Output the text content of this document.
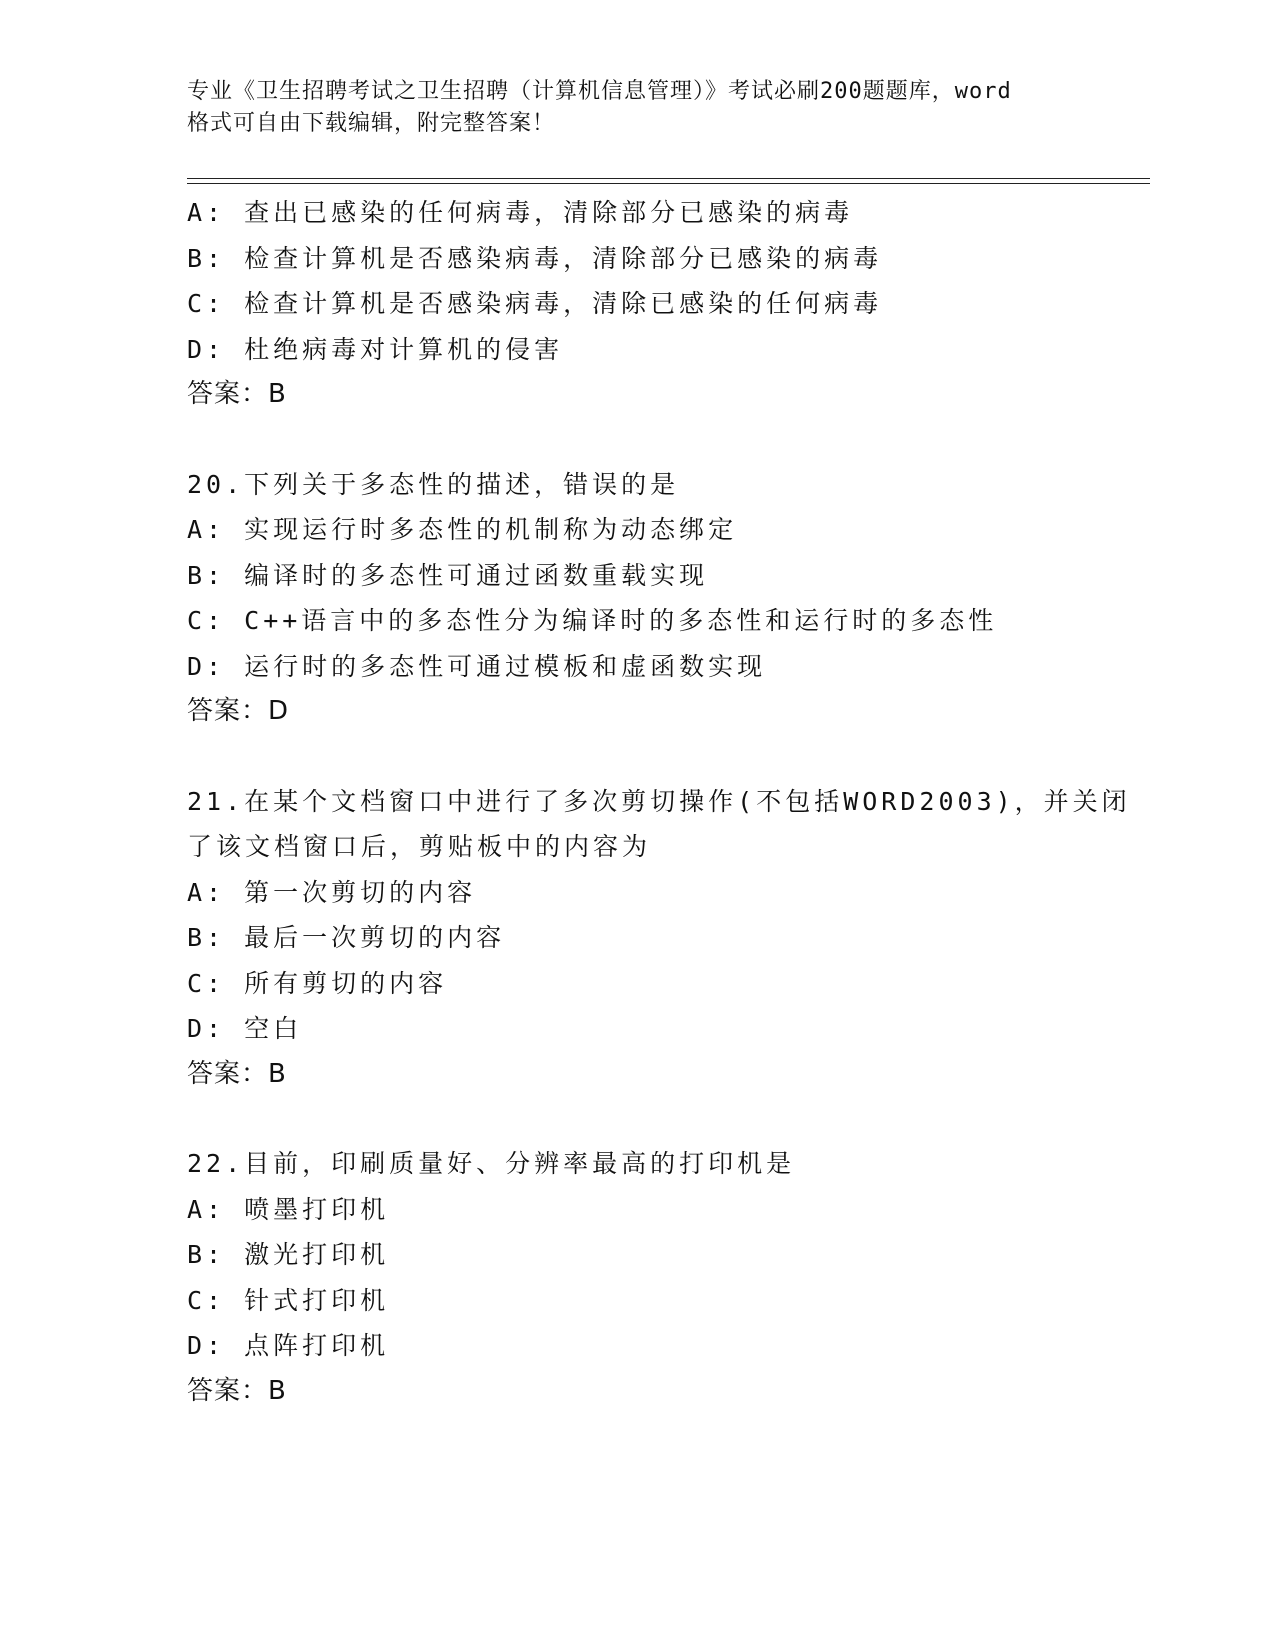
专业《卫生招聘考试之卫生招聘（计算机信息管理）》考试必刷200题题库，word
格式可自由下载编辑，附完整答案！
A: 查出已感染的任何病毒，清除部分已感染的病毒
B: 检查计算机是否感染病毒，清除部分已感染的病毒
C: 检查计算机是否感染病毒，清除已感染的任何病毒
D: 杜绝病毒对计算机的侵害
答案：B
20.下列关于多态性的描述，错误的是
A: 实现运行时多态性的机制称为动态绑定
B: 编译时的多态性可通过函数重载实现
C: C++语言中的多态性分为编译时的多态性和运行时的多态性
D: 运行时的多态性可通过模板和虚函数实现
答案：D
21.在某个文档窗口中进行了多次剪切操作(不包括WORD2003)，并关闭
了该文档窗口后，剪贴板中的内容为
A: 第一次剪切的内容
B: 最后一次剪切的内容
C: 所有剪切的内容
D: 空白
答案：B
22.目前，印刷质量好、分辨率最高的打印机是
A: 喷墨打印机
B: 激光打印机
C: 针式打印机
D: 点阵打印机
答案：B
